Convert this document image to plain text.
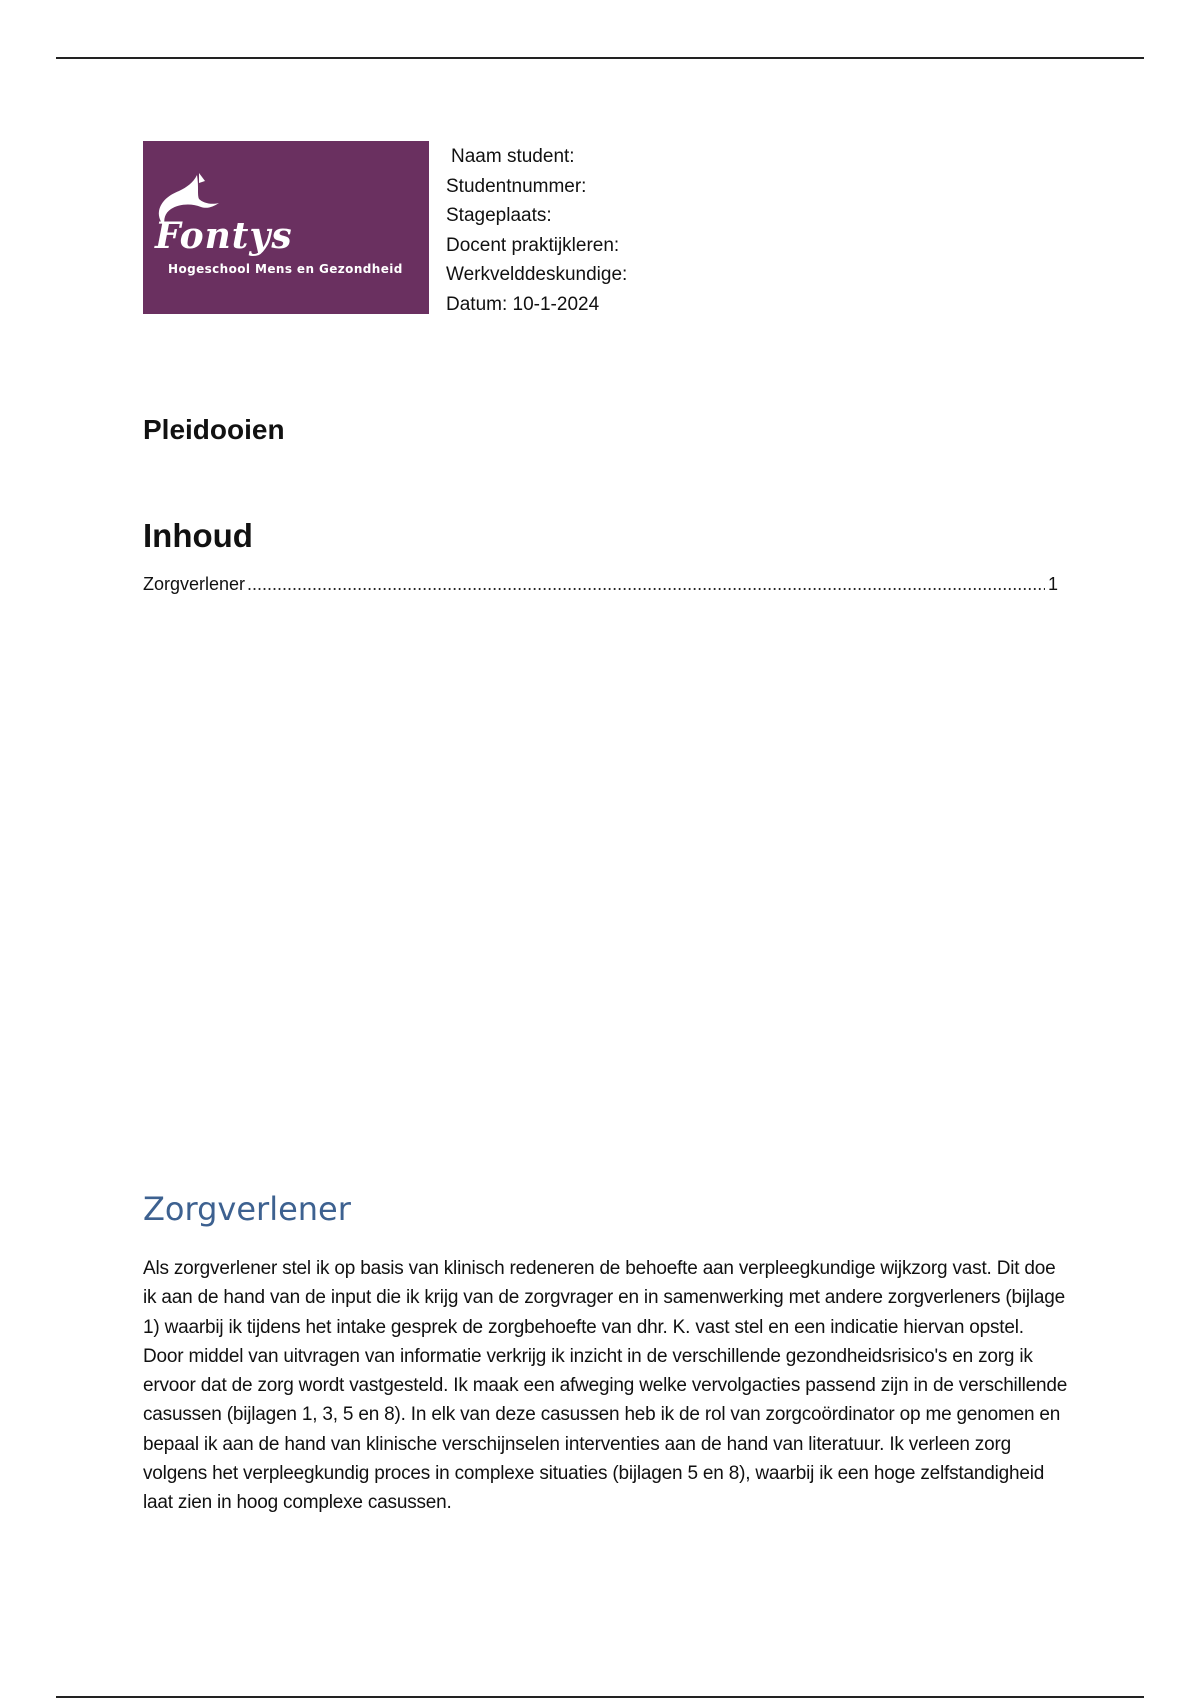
Fontys
Hogeschool Mens en Gezondheid
Naam student:
Studentnummer:
Stageplaats:
Docent praktijkleren:
Werkvelddeskundige:
Datum: 10-1-2024
Pleidooien
Inhoud
Zorgverlener
.....	1
Zorgverlener

Als zorgverlener stel ik op basis van klinisch redeneren de behoefte aan verpleegkundige wijkzorg vast. Dit doe ik aan de hand van de input die ik krijg van de zorgvrager en in samenwerking met andere zorgverleners (bijlage 1) waarbij ik tijdens het intake gesprek de zorgbehoefte van dhr. K. vast stel en een indicatie hiervan opstel. Door middel van uitvragen van informatie verkrijg ik inzicht in de verschillende gezondheidsrisico's en zorg ik ervoor dat de zorg wordt vastgesteld. Ik maak een afweging welke vervolgacties passend zijn in de verschillende casussen (bijlagen 1, 3, 5 en 8). In elk van deze casussen heb ik de rol van zorgcoördinator op me genomen en bepaal ik aan de hand van klinische verschijnselen interventies aan de hand van literatuur. Ik verleen zorg volgens het verpleegkundig proces in complexe situaties (bijlagen 5 en 8), waarbij ik een hoge zelfstandigheid laat zien in hoog complexe casussen.
